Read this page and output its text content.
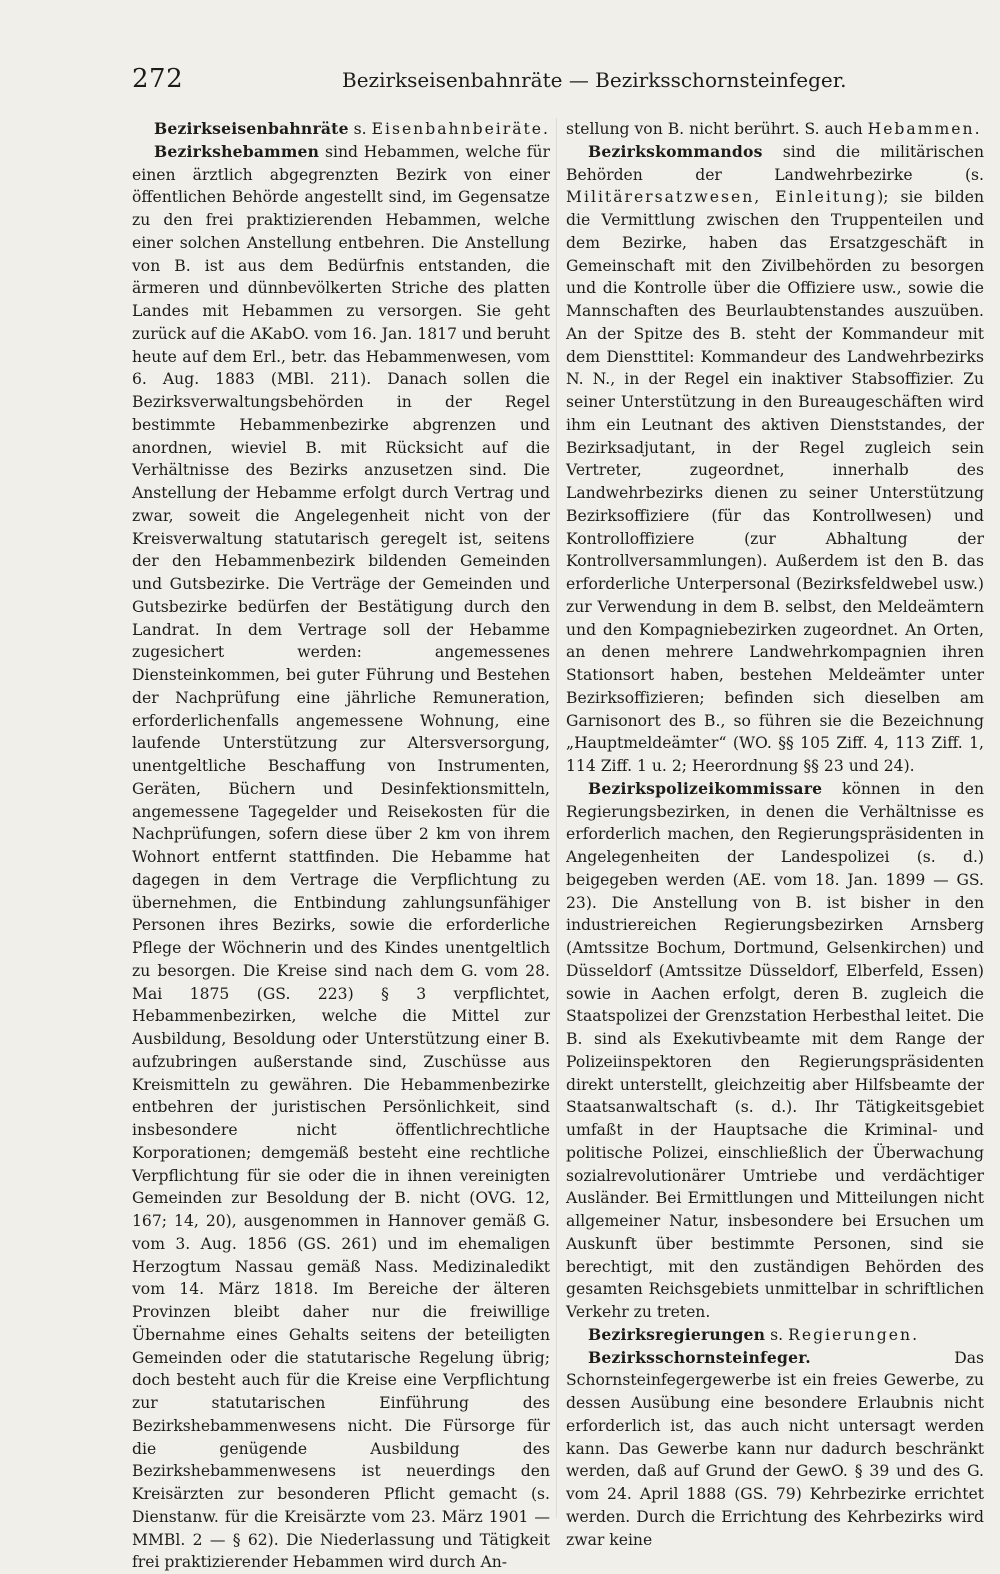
272	Bezirkseisenbahnräte — Bezirksschornsteinfeger.

Bezirkseisenbahnräte s. Eisenbahnbeiräte.

Bezirkshebammen sind Hebammen, welche für einen ärztlich abgegrenzten Bezirk von einer öffentlichen Behörde angestellt sind, im Gegensatze zu den frei praktizierenden Hebammen, welche einer solchen Anstellung entbehren. Die Anstellung von B. ist aus dem Bedürfnis entstanden, die ärmeren und dünnbevölkerten Striche des platten Landes mit Hebammen zu versorgen. Sie geht zurück auf die AKabO. vom 16. Jan. 1817 und beruht heute auf dem Erl., betr. das Hebammenwesen, vom 6. Aug. 1883 (MBl. 211). Danach sollen die Bezirksverwaltungsbehörden in der Regel bestimmte Hebammenbezirke abgrenzen und anordnen, wieviel B. mit Rücksicht auf die Verhältnisse des Bezirks anzusetzen sind. Die Anstellung der Hebamme erfolgt durch Vertrag und zwar, soweit die Angelegenheit nicht von der Kreisverwaltung statutarisch geregelt ist, seitens der den Hebammenbezirk bildenden Gemeinden und Gutsbezirke. Die Verträge der Gemeinden und Gutsbezirke bedürfen der Bestätigung durch den Landrat. In dem Vertrage soll der Hebamme zugesichert werden: angemessenes Diensteinkommen, bei guter Führung und Bestehen der Nachprüfung eine jährliche Remuneration, erforderlichenfalls angemessene Wohnung, eine laufende Unterstützung zur Altersversorgung, unentgeltliche Beschaffung von Instrumenten, Geräten, Büchern und Desinfektionsmitteln, angemessene Tagegelder und Reisekosten für die Nachprüfungen, sofern diese über 2 km von ihrem Wohnort entfernt stattfinden. Die Hebamme hat dagegen in dem Vertrage die Verpflichtung zu übernehmen, die Entbindung zahlungsunfähiger Personen ihres Bezirks, sowie die erforderliche Pflege der Wöchnerin und des Kindes unentgeltlich zu besorgen. Die Kreise sind nach dem G. vom 28. Mai 1875 (GS. 223) § 3 verpflichtet, Hebammenbezirken, welche die Mittel zur Ausbildung, Besoldung oder Unterstützung einer B. aufzubringen außerstande sind, Zuschüsse aus Kreismitteln zu gewähren. Die Hebammenbezirke entbehren der juristischen Persönlichkeit, sind insbesondere nicht öffentlichrechtliche Korporationen; demgemäß besteht eine rechtliche Verpflichtung für sie oder die in ihnen vereinigten Gemeinden zur Besoldung der B. nicht (OVG. 12, 167; 14, 20), ausgenommen in Hannover gemäß G. vom 3. Aug. 1856 (GS. 261) und im ehemaligen Herzogtum Nassau gemäß Nass. Medizinaledikt vom 14. März 1818. Im Bereiche der älteren Provinzen bleibt daher nur die freiwillige Übernahme eines Gehalts seitens der beteiligten Gemeinden oder die statutarische Regelung übrig; doch besteht auch für die Kreise eine Verpflichtung zur statutarischen Einführung des Bezirkshebammenwesens nicht. Die Fürsorge für die genügende Ausbildung des Bezirkshebammenwesens ist neuerdings den Kreisärzten zur besonderen Pflicht gemacht (s. Dienstanw. für die Kreisärzte vom 23. März 1901 — MMBl. 2 — § 62). Die Niederlassung und Tätigkeit frei praktizierender Hebammen wird durch An-

stellung von B. nicht berührt. S. auch Hebammen.

Bezirkskommandos sind die militärischen Behörden der Landwehrbezirke (s. Militärersatzwesen, Einleitung); sie bilden die Vermittlung zwischen den Truppenteilen und dem Bezirke, haben das Ersatzgeschäft in Gemeinschaft mit den Zivilbehörden zu besorgen und die Kontrolle über die Offiziere usw., sowie die Mannschaften des Beurlaubtenstandes auszuüben. An der Spitze des B. steht der Kommandeur mit dem Diensttitel: Kommandeur des Landwehrbezirks N. N., in der Regel ein inaktiver Stabsoffizier. Zu seiner Unterstützung in den Bureaugeschäften wird ihm ein Leutnant des aktiven Dienststandes, der Bezirksadjutant, in der Regel zugleich sein Vertreter, zugeordnet, innerhalb des Landwehrbezirks dienen zu seiner Unterstützung Bezirksoffiziere (für das Kontrollwesen) und Kontrolloffiziere (zur Abhaltung der Kontrollversammlungen). Außerdem ist den B. das erforderliche Unterpersonal (Bezirksfeldwebel usw.) zur Verwendung in dem B. selbst, den Meldeämtern und den Kompagniebezirken zugeordnet. An Orten, an denen mehrere Landwehrkompagnien ihren Stationsort haben, bestehen Meldeämter unter Bezirksoffizieren; befinden sich dieselben am Garnisonort des B., so führen sie die Bezeichnung „Hauptmeldeämter“ (WO. §§ 105 Ziff. 4, 113 Ziff. 1, 114 Ziff. 1 u. 2; Heerordnung §§ 23 und 24).

Bezirkspolizeikommissare können in den Regierungsbezirken, in denen die Verhältnisse es erforderlich machen, den Regierungspräsidenten in Angelegenheiten der Landespolizei (s. d.) beigegeben werden (AE. vom 18. Jan. 1899 — GS. 23). Die Anstellung von B. ist bisher in den industriereichen Regierungsbezirken Arnsberg (Amtssitze Bochum, Dortmund, Gelsenkirchen) und Düsseldorf (Amtssitze Düsseldorf, Elberfeld, Essen) sowie in Aachen erfolgt, deren B. zugleich die Staatspolizei der Grenzstation Herbesthal leitet. Die B. sind als Exekutivbeamte mit dem Range der Polizeiinspektoren den Regierungspräsidenten direkt unterstellt, gleichzeitig aber Hilfsbeamte der Staatsanwaltschaft (s. d.). Ihr Tätigkeitsgebiet umfaßt in der Hauptsache die Kriminal- und politische Polizei, einschließlich der Überwachung sozialrevolutionärer Umtriebe und verdächtiger Ausländer. Bei Ermittlungen und Mitteilungen nicht allgemeiner Natur, insbesondere bei Ersuchen um Auskunft über bestimmte Personen, sind sie berechtigt, mit den zuständigen Behörden des gesamten Reichsgebiets unmittelbar in schriftlichen Verkehr zu treten.

Bezirksregierungen s. Regierungen.

Bezirksschornsteinfeger. Das Schornsteinfegergewerbe ist ein freies Gewerbe, zu dessen Ausübung eine besondere Erlaubnis nicht erforderlich ist, das auch nicht untersagt werden kann. Das Gewerbe kann nur dadurch beschränkt werden, daß auf Grund der GewO. § 39 und des G. vom 24. April 1888 (GS. 79) Kehrbezirke errichtet werden. Durch die Errichtung des Kehrbezirks wird zwar keine
